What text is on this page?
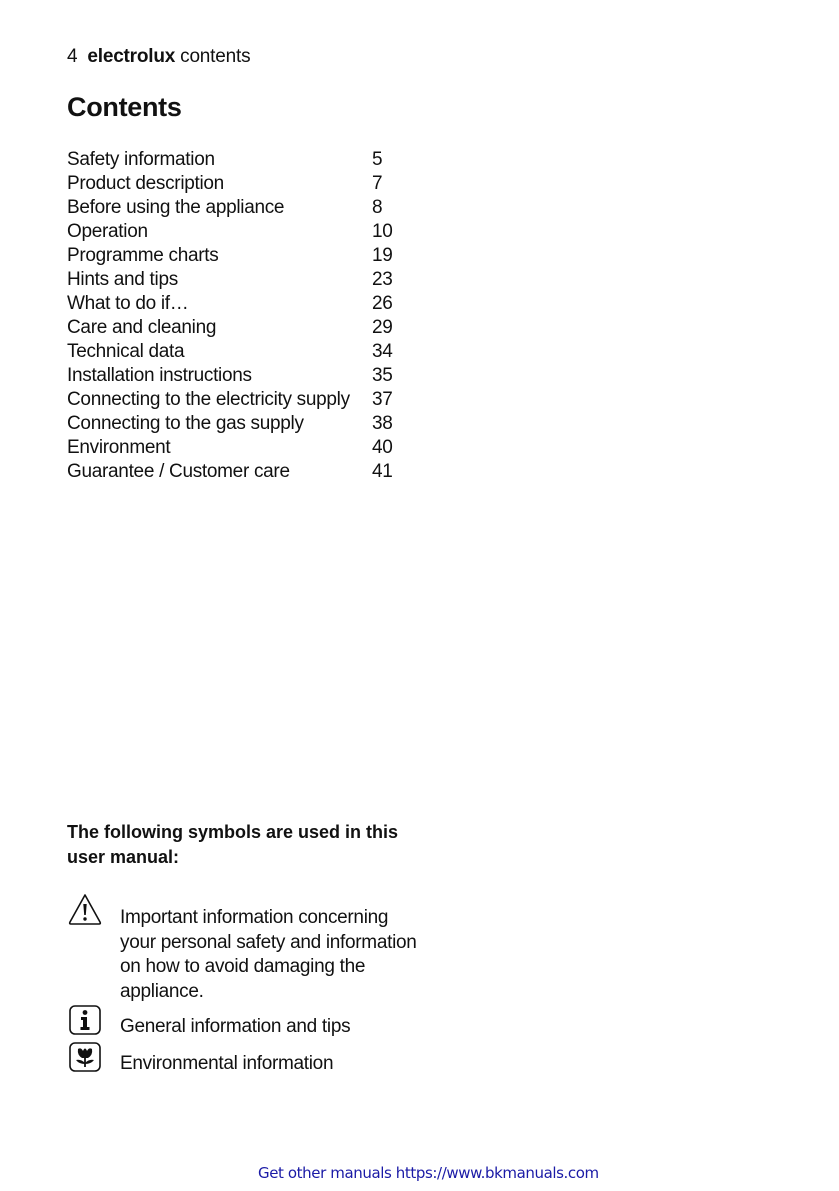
4 electrolux contents
Contents
Safety information	5
Product description	7
Before using the appliance	8
Operation	10
Programme charts	19
Hints and tips	23
What to do if…	26
Care and cleaning	29
Technical data	34
Installation instructions	35
Connecting to the electricity supply 37
Connecting to the gas supply	38
Environment	40
Guarantee / Customer care	41
The following symbols are used in this user manual:
Important information concerning your personal safety and information on how to avoid damaging the appliance.
General information and tips
Environmental information
Get other manuals https://www.bkmanuals.com
